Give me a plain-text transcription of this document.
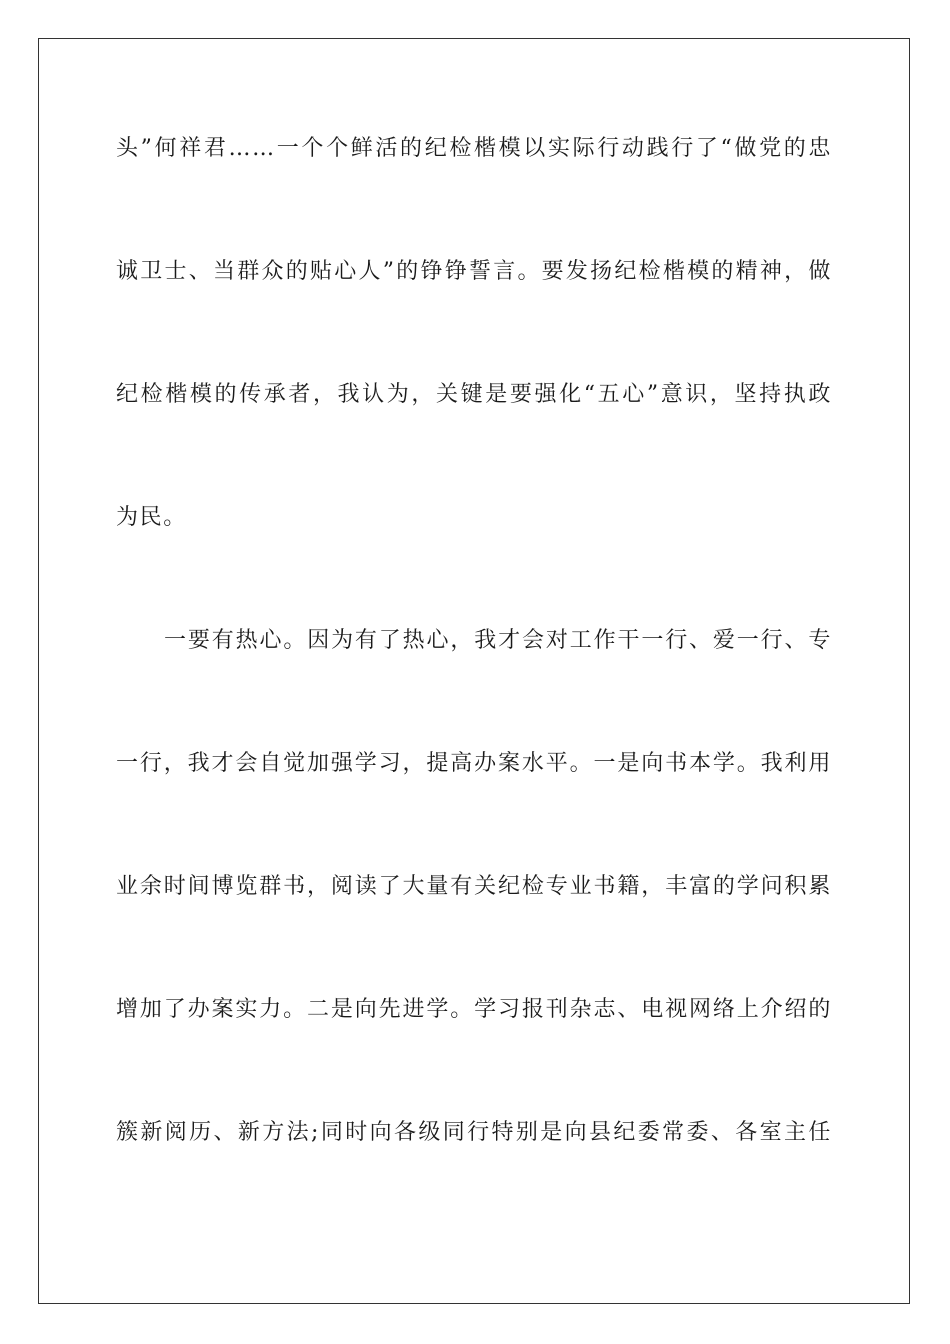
头”何祥君……一个个鲜活的纪检楷模以实际行动践行了“做党的忠
诚卫士、当群众的贴心人”的铮铮誓言。要发扬纪检楷模的精神，做
纪检楷模的传承者，我认为，关键是要强化“五心”意识，坚持执政
为民。
一要有热心。因为有了热心，我才会对工作干一行、爱一行、专
一行，我才会自觉加强学习，提高办案水平。一是向书本学。我利用
业余时间博览群书，阅读了大量有关纪检专业书籍，丰富的学问积累
增加了办案实力。二是向先进学。学习报刊杂志、电视网络上介绍的
簇新阅历、新方法;同时向各级同行特别是向县纪委常委、各室主任
